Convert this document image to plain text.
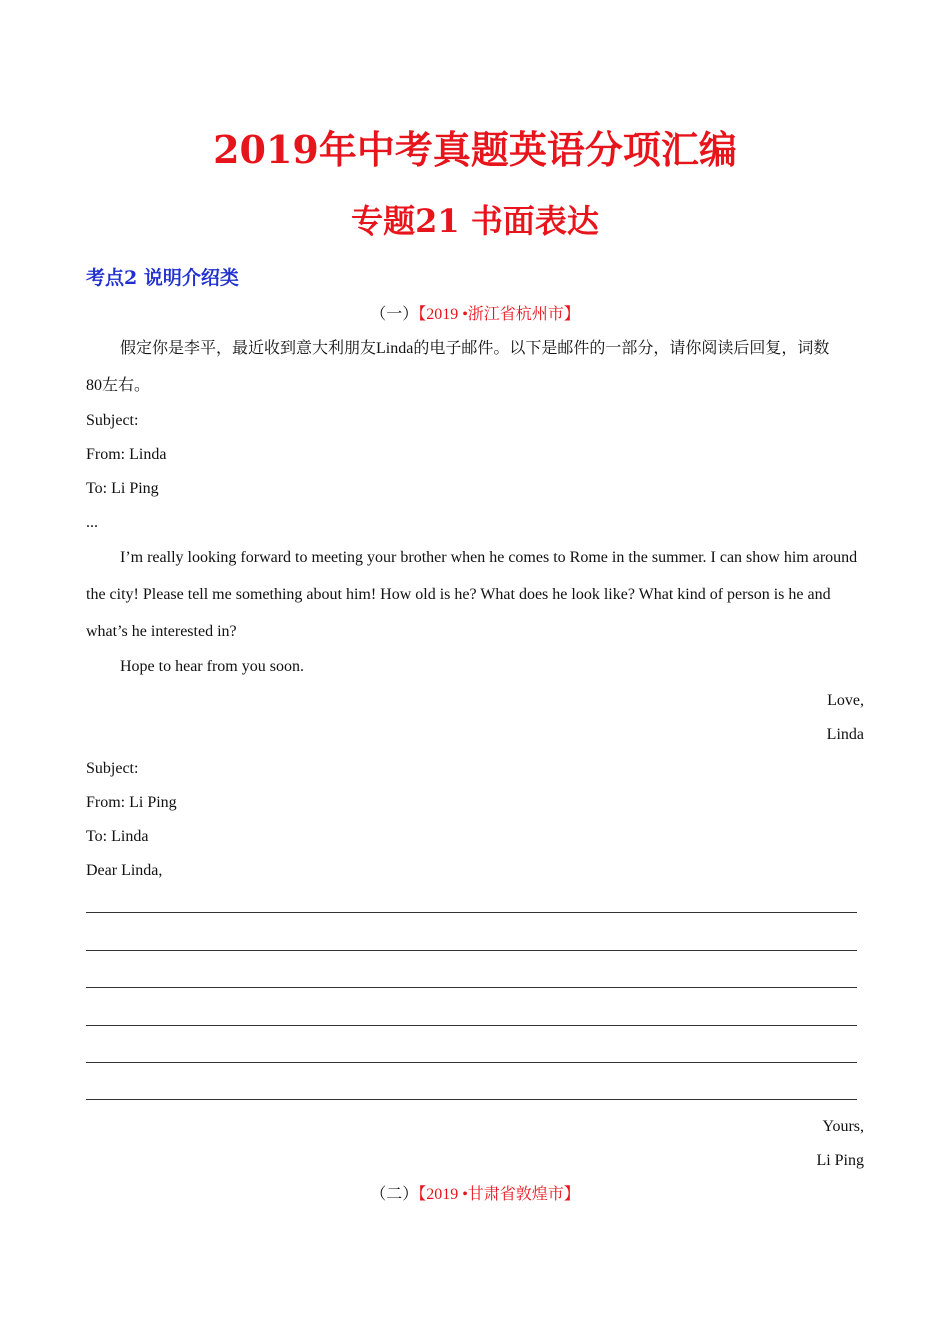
2019年中考真题英语分项汇编
专题21 书面表达
考点2 说明介绍类
（一）【2019 •浙江省杭州市】
假定你是李平，最近收到意大利朋友Linda的电子邮件。以下是邮件的一部分，请你阅读后回复，词数
80左右。
Subject:
From: Linda
To: Li Ping
...
I’m really looking forward to meeting your brother when he comes to Rome in the summer. I can show him around the city! Please tell me something about him! How old is he? What does he look like? What kind of person is he and what’s he interested in?
Hope to hear from you soon.
Love,
Linda
Subject:
From: Li Ping
To: Linda
Dear Linda,
Yours,
Li Ping
（二）【2019 •甘肃省敦煌市】
